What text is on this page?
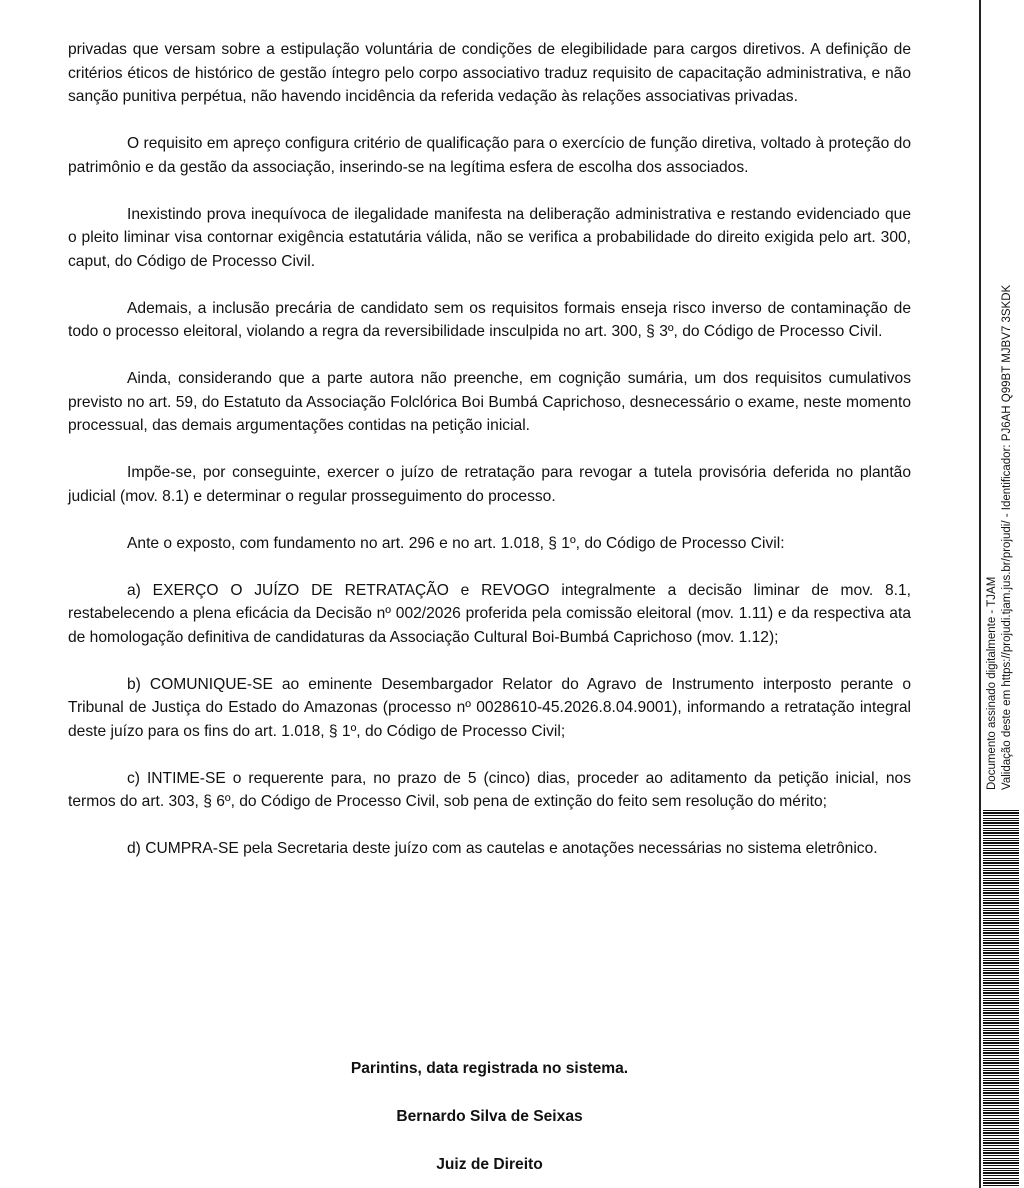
privadas que versam sobre a estipulação voluntária de condições de elegibilidade para cargos diretivos. A definição de critérios éticos de histórico de gestão íntegro pelo corpo associativo traduz requisito de capacitação administrativa, e não sanção punitiva perpétua, não havendo incidência da referida vedação às relações associativas privadas.

O requisito em apreço configura critério de qualificação para o exercício de função diretiva, voltado à proteção do patrimônio e da gestão da associação, inserindo-se na legítima esfera de escolha dos associados.

Inexistindo prova inequívoca de ilegalidade manifesta na deliberação administrativa e restando evidenciado que o pleito liminar visa contornar exigência estatutária válida, não se verifica a probabilidade do direito exigida pelo art. 300, caput, do Código de Processo Civil.

Ademais, a inclusão precária de candidato sem os requisitos formais enseja risco inverso de contaminação de todo o processo eleitoral, violando a regra da reversibilidade insculpida no art. 300, § 3º, do Código de Processo Civil.

Ainda, considerando que a parte autora não preenche, em cognição sumária, um dos requisitos cumulativos previsto no art. 59, do Estatuto da Associação Folclórica Boi Bumbá Caprichoso, desnecessário o exame, neste momento processual, das demais argumentações contidas na petição inicial.

Impõe-se, por conseguinte, exercer o juízo de retratação para revogar a tutela provisória deferida no plantão judicial (mov. 8.1) e determinar o regular prosseguimento do processo.

Ante o exposto, com fundamento no art. 296 e no art. 1.018, § 1º, do Código de Processo Civil:

a) EXERÇO O JUÍZO DE RETRATAÇÃO e REVOGO integralmente a decisão liminar de mov. 8.1, restabelecendo a plena eficácia da Decisão nº 002/2026 proferida pela comissão eleitoral (mov. 1.11) e da respectiva ata de homologação definitiva de candidaturas da Associação Cultural Boi-Bumbá Caprichoso (mov. 1.12);

b) COMUNIQUE-SE ao eminente Desembargador Relator do Agravo de Instrumento interposto perante o Tribunal de Justiça do Estado do Amazonas (processo nº 0028610-45.2026.8.04.9001), informando a retratação integral deste juízo para os fins do art. 1.018, § 1º, do Código de Processo Civil;

c) INTIME-SE o requerente para, no prazo de 5 (cinco) dias, proceder ao aditamento da petição inicial, nos termos do art. 303, § 6º, do Código de Processo Civil, sob pena de extinção do feito sem resolução do mérito;

d) CUMPRA-SE pela Secretaria deste juízo com as cautelas e anotações necessárias no sistema eletrônico.

Parintins, data registrada no sistema.
Bernardo Silva de Seixas
Juiz de Direito
Documento assinado digitalmente - TJAM Validação deste em https://projudi.tjam.jus.br/projudi/ - Identificador: PJ6AH Q99BT MJBV7 3SKDK
